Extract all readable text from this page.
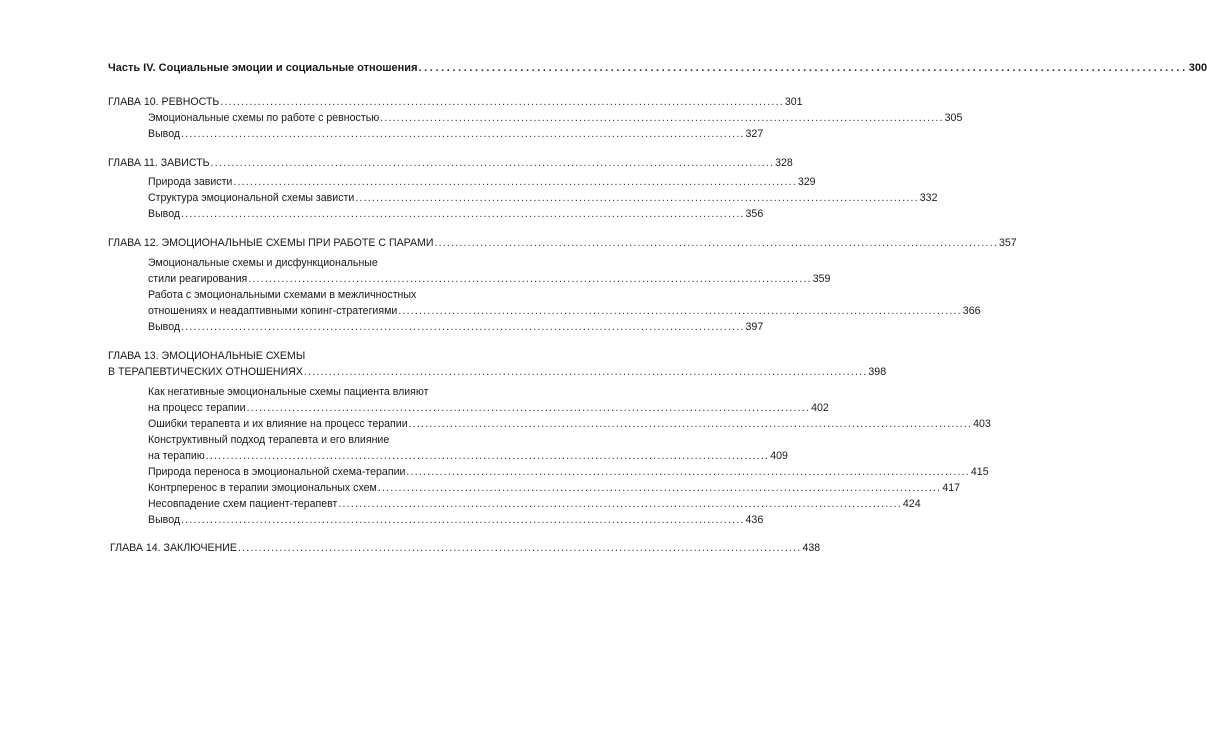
Часть IV. Социальные эмоции и социальные отношения ........................................................................................................................................ 300
ГЛАВА 10. РЕВНОСТЬ ........................................................................................................................................ 301
Эмоциональные схемы по работе с ревностью ........................................................................................................................................ 305
Вывод ........................................................................................................................................ 327
ГЛАВА 11. ЗАВИСТЬ ........................................................................................................................................ 328
Природа зависти ........................................................................................................................................ 329
Структура эмоциональной схемы зависти ........................................................................................................................................ 332
Вывод ........................................................................................................................................ 356
ГЛАВА 12. ЭМОЦИОНАЛЬНЫЕ СХЕМЫ ПРИ РАБОТЕ С ПАРАМИ ........................................................................................................................................ 357
Эмоциональные схемы и дисфункциональные
стили реагирования ........................................................................................................................................ 359
Работа с эмоциональными схемами в межличностных
отношениях и неадаптивными копинг-стратегиями ........................................................................................................................................ 366
Вывод ........................................................................................................................................ 397
ГЛАВА 13. ЭМОЦИОНАЛЬНЫЕ СХЕМЫ
В ТЕРАПЕВТИЧЕСКИХ ОТНОШЕНИЯХ ........................................................................................................................................ 398
Как негативные эмоциональные схемы пациента влияют
на процесс терапии ........................................................................................................................................ 402
Ошибки терапевта и их влияние на процесс терапии ........................................................................................................................................ 403
Конструктивный подход терапевта и его влияние
на терапию ........................................................................................................................................ 409
Природа переноса в эмоциональной схема-терапии ........................................................................................................................................ 415
Контрперенос в терапии эмоциональных схем ........................................................................................................................................ 417
Несовпадение схем пациент-терапевт ........................................................................................................................................ 424
Вывод ........................................................................................................................................ 436
ГЛАВА 14. ЗАКЛЮЧЕНИЕ ........................................................................................................................................ 438
